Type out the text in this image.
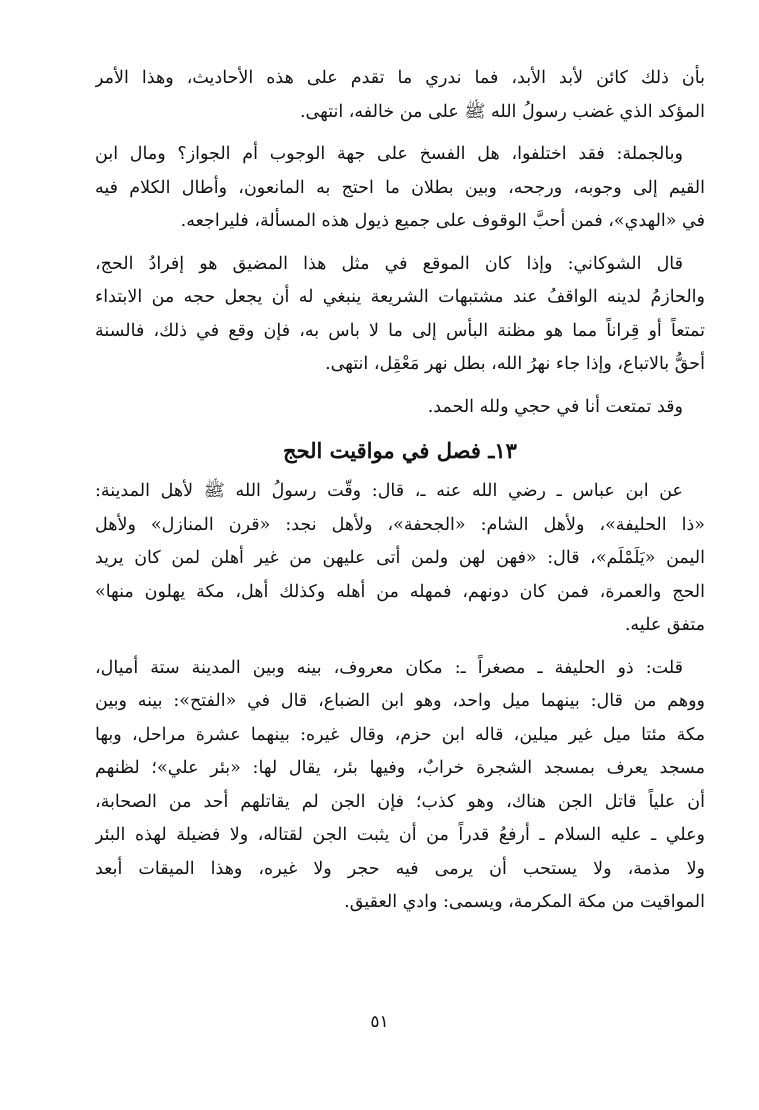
بأن ذلك كائن لأبد الأبد، فما ندري ما تقدم على هذه الأحاديث، وهذا الأمر
المؤكد الذي غضب رسولُ الله ﷺ على من خالفه، انتهى.
وبالجملة: فقد اختلفوا، هل الفسخ على جهة الوجوب أم الجواز؟ ومال ابن
القيم إلى وجوبه، ورجحه، وبين بطلان ما احتج به المانعون، وأطال الكلام فيه
في «الهدي»، فمن أحبَّ الوقوف على جميع ذيول هذه المسألة، فليراجعه.
قال الشوكاني: وإذا كان الموقع في مثل هذا المضيق هو إفرادُ الحج،
والحازمُ لدينه الواقفُ عند مشتبهات الشريعة ينبغي له أن يجعل حجه من الابتداء
تمتعاً أو قِراناً مما هو مظنة البأس إلى ما لا باس به، فإن وقع في ذلك، فالسنة
أحقُّ بالاتباع، وإذا جاء نهرُ الله، بطل نهر مَعْقِل، انتهى.
وقد تمتعت أنا في حجي ولله الحمد.
١٣ـ فصل في مواقيت الحج
عن ابن عباس ـ رضي الله عنه ـ، قال: وقّت رسولُ الله ﷺ لأهل المدينة:
«ذا الحليفة»، ولأهل الشام: «الجحفة»، ولأهل نجد: «قرن المنازل» ولأهل
اليمن «يَلَمْلَم»، قال: «فهن لهن ولمن أتى عليهن من غير أهلن لمن كان يريد
الحج والعمرة، فمن كان دونهم، فمهله من أهله وكذلك أهل، مكة يهلون منها»
متفق عليه.
قلت: ذو الحليفة ـ مصغراً ـ: مكان معروف، بينه وبين المدينة ستة أميال،
ووهم من قال: بينهما ميل واحد، وهو ابن الضباع، قال في «الفتح»: بينه وبين
مكة مئتا ميل غير ميلين، قاله ابن حزم، وقال غيره: بينهما عشرة مراحل، وبها
مسجد يعرف بمسجد الشجرة خرابٌ، وفيها بئر، يقال لها: «بئر علي»؛ لظنهم
أن علياً قاتل الجن هناك، وهو كذب؛ فإن الجن لم يقاتلهم أحد من الصحابة،
وعلي ـ عليه السلام ـ أرفعُ قدراً من أن يثبت الجن لقتاله، ولا فضيلة لهذه البئر
ولا مذمة، ولا يستحب أن يرمى فيه حجر ولا غيره، وهذا الميقات أبعد
المواقيت من مكة المكرمة، ويسمى: وادي العقيق.
٥١
